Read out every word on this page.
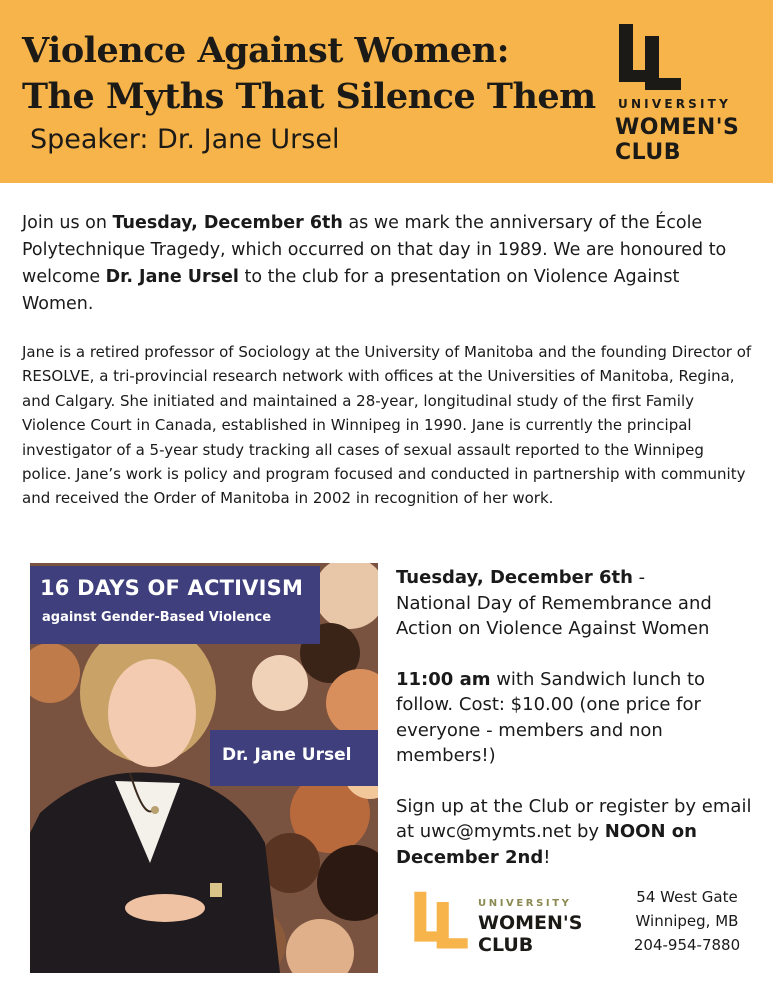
Violence Against Women:
The Myths That Silence Them
Speaker: Dr. Jane Ursel
UNIVERSITY
WOMEN'S
CLUB

Join us on Tuesday, December 6th as we mark the anniversary of the École Polytechnique Tragedy, which occurred on that day in 1989. We are honoured to welcome Dr. Jane Ursel to the club for a presentation on Violence Against Women.

Jane is a retired professor of Sociology at the University of Manitoba and the founding Director of RESOLVE, a tri-provincial research network with offices at the Universities of Manitoba, Regina, and Calgary. She initiated and maintained a 28-year, longitudinal study of the first Family Violence Court in Canada, established in Winnipeg in 1990. Jane is currently the principal investigator of a 5-year study tracking all cases of sexual assault reported to the Winnipeg police. Jane’s work is policy and program focused and conducted in partnership with community and received the Order of Manitoba in 2002 in recognition of her work.

16 DAYS OF ACTIVISM
against Gender-Based Violence
Dr. Jane Ursel

Tuesday, December 6th -
National Day of Remembrance and Action on Violence Against Women

11:00 am with Sandwich lunch to follow. Cost: $10.00 (one price for everyone - members and non members!)

Sign up at the Club or register by email at uwc@mymts.net by NOON on December 2nd!

UNIVERSITY
WOMEN'S
CLUB
54 West Gate
Winnipeg, MB
204-954-7880
